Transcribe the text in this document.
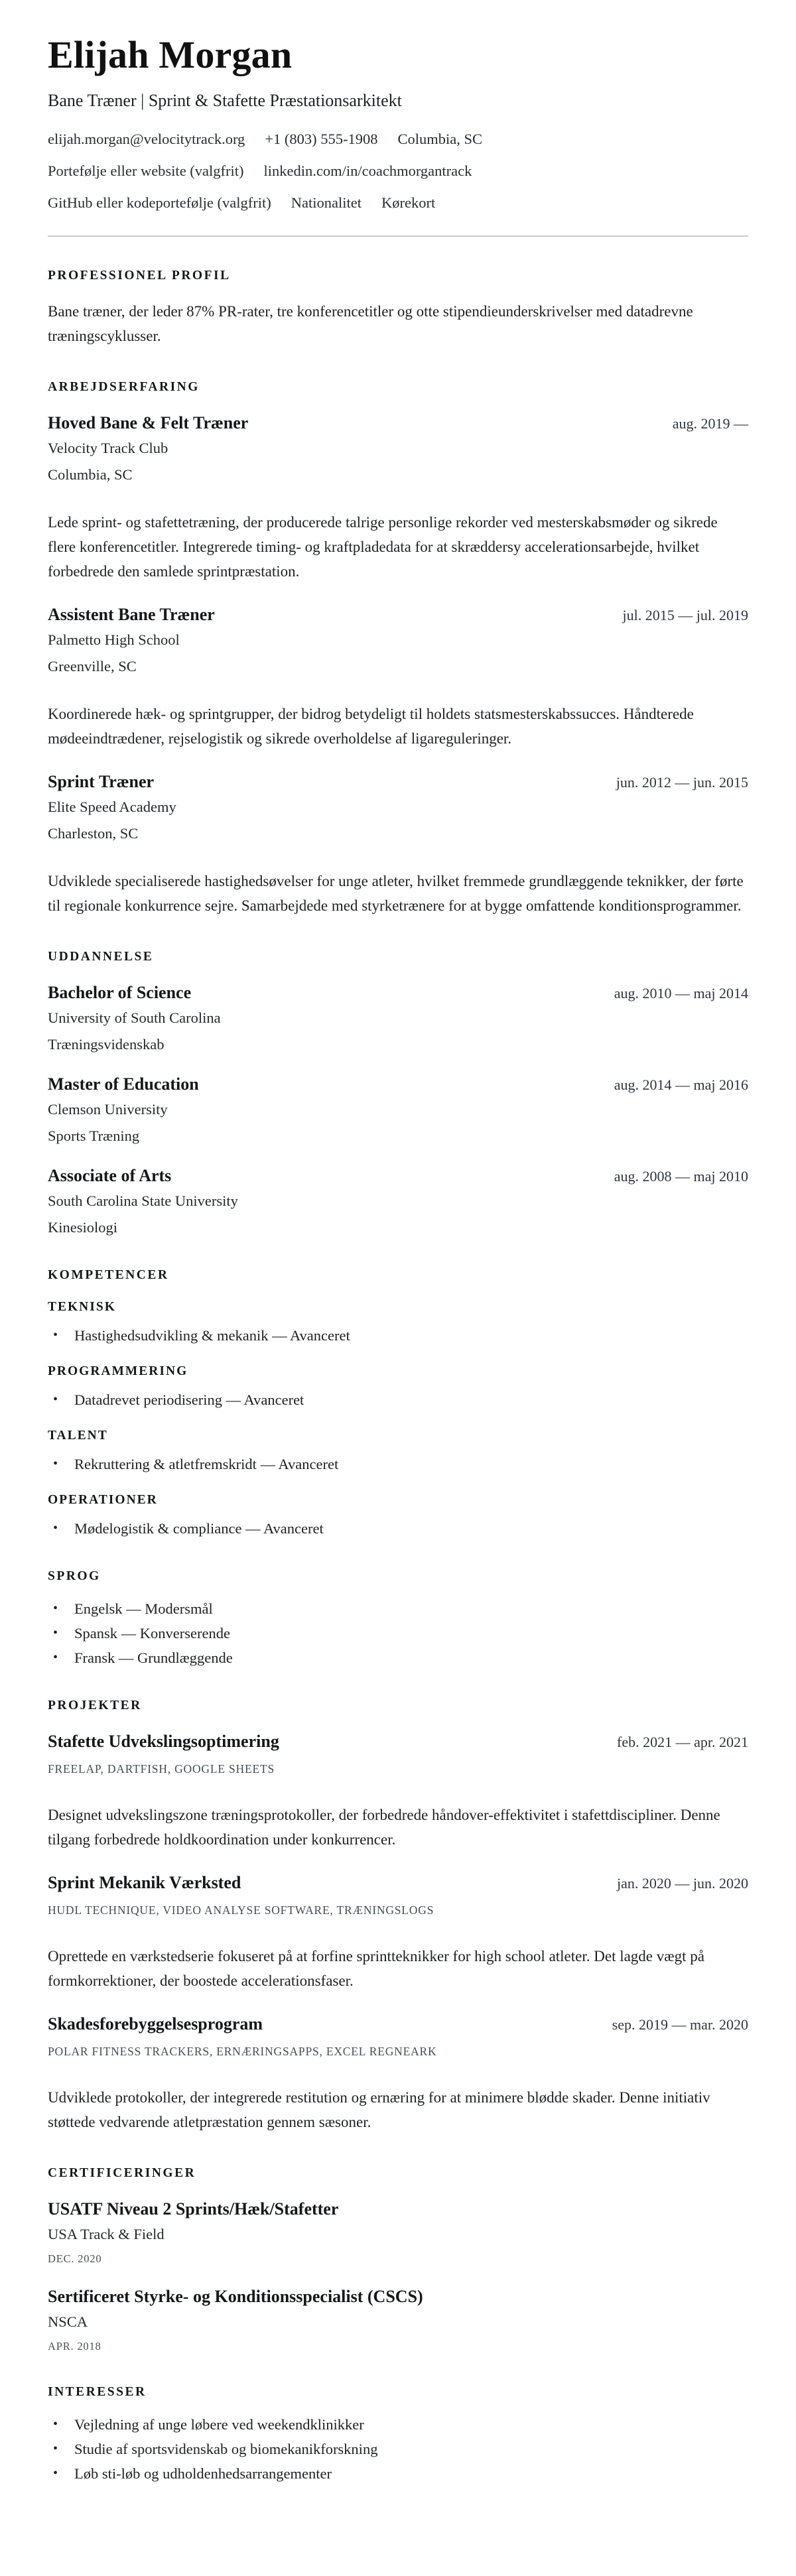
Elijah Morgan

Bane Træner | Sprint & Stafette Præstationsarkitekt

elijah.morgan@velocitytrack.org +1 (803) 555-1908 Columbia, SC
Portefølje eller website (valgfrit) linkedin.com/in/coachmorgantrack
GitHub eller kodeportefølje (valgfrit) Nationalitet Kørekort
PROFESSIONEL PROFIL

Bane træner, der leder 87% PR-rater, tre konferencetitler og otte stipendieunderskrivelser med datadrevne træningscyklusser.

ARBEJDSERFARING
Hoved Bane & Felt Træner	aug. 2019 —

Velocity Track Club

Columbia, SC

Lede sprint- og stafettetræning, der producerede talrige personlige rekorder ved mesterskabsmøder og sikrede flere konferencetitler. Integrerede timing- og kraftpladedata for at skræddersy accelerationsarbejde, hvilket forbedrede den samlede sprintpræstation.

Assistent Bane Træner	jul. 2015 — jul. 2019

Palmetto High School

Greenville, SC

Koordinerede hæk- og sprintgrupper, der bidrog betydeligt til holdets statsmesterskabssucces. Håndterede mødeeindtrædener, rejselogistik og sikrede overholdelse af ligareguleringer.

Sprint Træner	jun. 2012 — jun. 2015

Elite Speed Academy

Charleston, SC

Udviklede specialiserede hastighedsøvelser for unge atleter, hvilket fremmede grundlæggende teknikker, der førte til regionale konkurrence sejre. Samarbejdede med styrketrænere for at bygge omfattende konditionsprogrammer.

UDDANNELSE
Bachelor of Science	aug. 2010 — maj 2014

University of South Carolina

Træningsvidenskab

Master of Education	aug. 2014 — maj 2016

Clemson University

Sports Træning

Associate of Arts	aug. 2008 — maj 2010

South Carolina State University

Kinesiologi

KOMPETENCER
TEKNISK
• Hastighedsudvikling & mekanik — Avanceret
PROGRAMMERING
• Datadrevet periodisering — Avanceret
TALENT
• Rekruttering & atletfremskridt — Avanceret
OPERATIONER
• Mødelogistik & compliance — Avanceret
SPROG
• Engelsk — Modersmål
• Spansk — Konverserende
• Fransk — Grundlæggende
PROJEKTER
Stafette Udvekslingsoptimering	feb. 2021 — apr. 2021

FREELAP, DARTFISH, GOOGLE SHEETS

Designet udvekslingszone træningsprotokoller, der forbedrede håndover-effektivitet i stafettdiscipliner. Denne tilgang forbedrede holdkoordination under konkurrencer.

Sprint Mekanik Værksted	jan. 2020 — jun. 2020

HUDL TECHNIQUE, VIDEO ANALYSE SOFTWARE, TRÆNINGSLOGS

Oprettede en værkstedserie fokuseret på at forfine sprintteknikker for high school atleter. Det lagde vægt på formkorrektioner, der boostede accelerationsfaser.

Skadesforebyggelsesprogram	sep. 2019 — mar. 2020

POLAR FITNESS TRACKERS, ERNÆRINGSAPPS, EXCEL REGNEARK

Udviklede protokoller, der integrerede restitution og ernæring for at minimere blødde skader. Denne initiativ støttede vedvarende atletpræstation gennem sæsoner.

CERTIFICERINGER
USATF Niveau 2 Sprints/Hæk/Stafetter

USA Track & Field

DEC. 2020

Sertificeret Styrke- og Konditionsspecialist (CSCS)

NSCA

APR. 2018

INTERESSER
• Vejledning af unge løbere ved weekendklinikker
• Studie af sportsvidenskab og biomekanikforskning
• Løb sti-løb og udholdenhedsarrangementer
